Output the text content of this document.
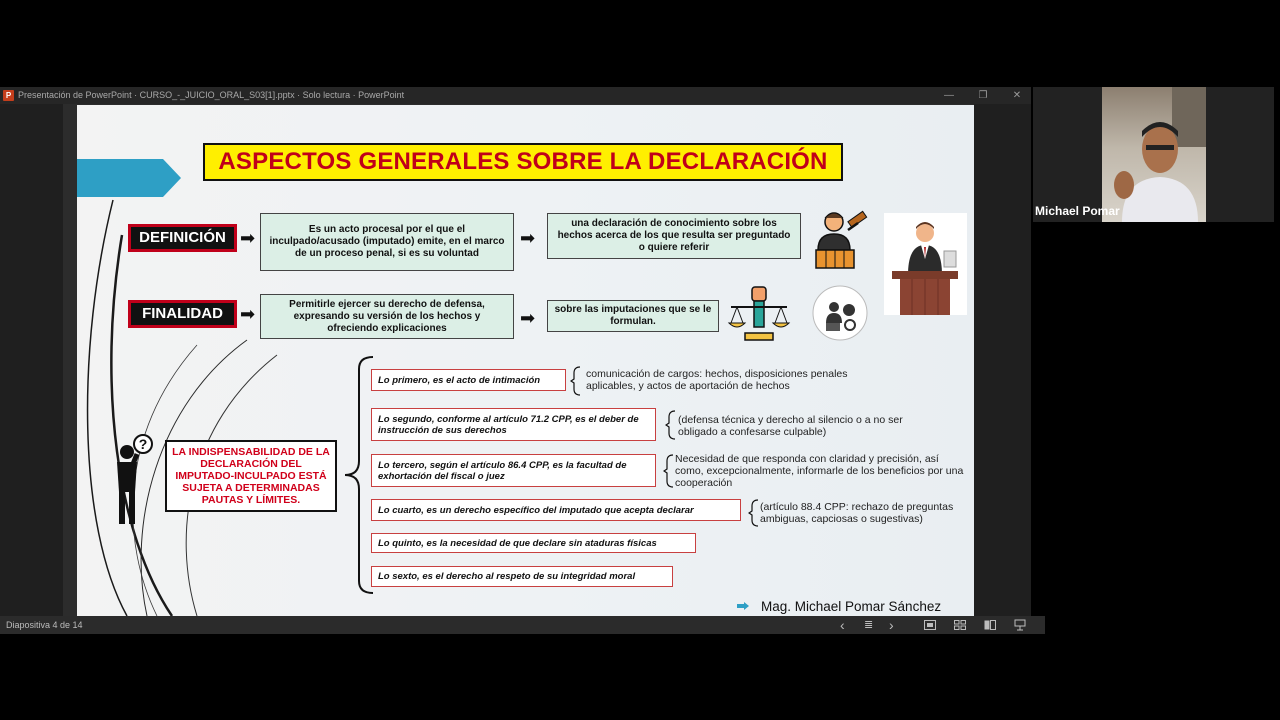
P Presentación de PowerPoint · CURSO_-_JUICIO_ORAL_S03[1].pptx · Solo lectura · PowerPoint	—	❐	✕
ASPECTOS GENERALES SOBRE LA DECLARACIÓN
DEFINICIÓN ➡	Es un acto procesal por el que el inculpado/acusado (imputado) emite, en el marco de un proceso penal, si es su voluntad
➡
una declaración de conocimiento sobre los hechos acerca de los que resulta ser preguntado o quiere referir
FINALIDAD ➡	Permitirle ejercer su derecho de defensa, expresando su versión de los hechos y ofreciendo explicaciones	➡	sobre las imputaciones que se le formulan.
?	LA INDISPENSABILIDAD DE LA DECLARACIÓN DEL IMPUTADO-INCULPADO ESTÁ SUJETA A DETERMINADAS PAUTAS Y LÍMITES.
Lo primero, es el acto de intimación
Lo segundo, conforme al artículo 71.2 CPP, es el deber de instrucción de sus derechos
Lo tercero, según el artículo 86.4 CPP, es la facultad de exhortación del fiscal o juez
Lo cuarto, es un derecho específico del imputado que acepta declarar
Lo quinto, es la necesidad de que declare sin ataduras físicas
Lo sexto, es el derecho al respeto de su integridad moral
comunicación de cargos: hechos, disposiciones penales aplicables, y actos de aportación de hechos
(defensa técnica y derecho al silencio o a no ser obligado a confesarse culpable)
Necesidad de que responda con claridad y precisión, así como, excepcionalmente, informarle de los beneficios por una cooperación
(artículo 88.4 CPP: rechazo de preguntas ambiguas, capciosas o sugestivas)
Mag. Michael Pomar Sánchez
Diapositiva 4 de 14	‹ ≣ ›
Michael Pomar
